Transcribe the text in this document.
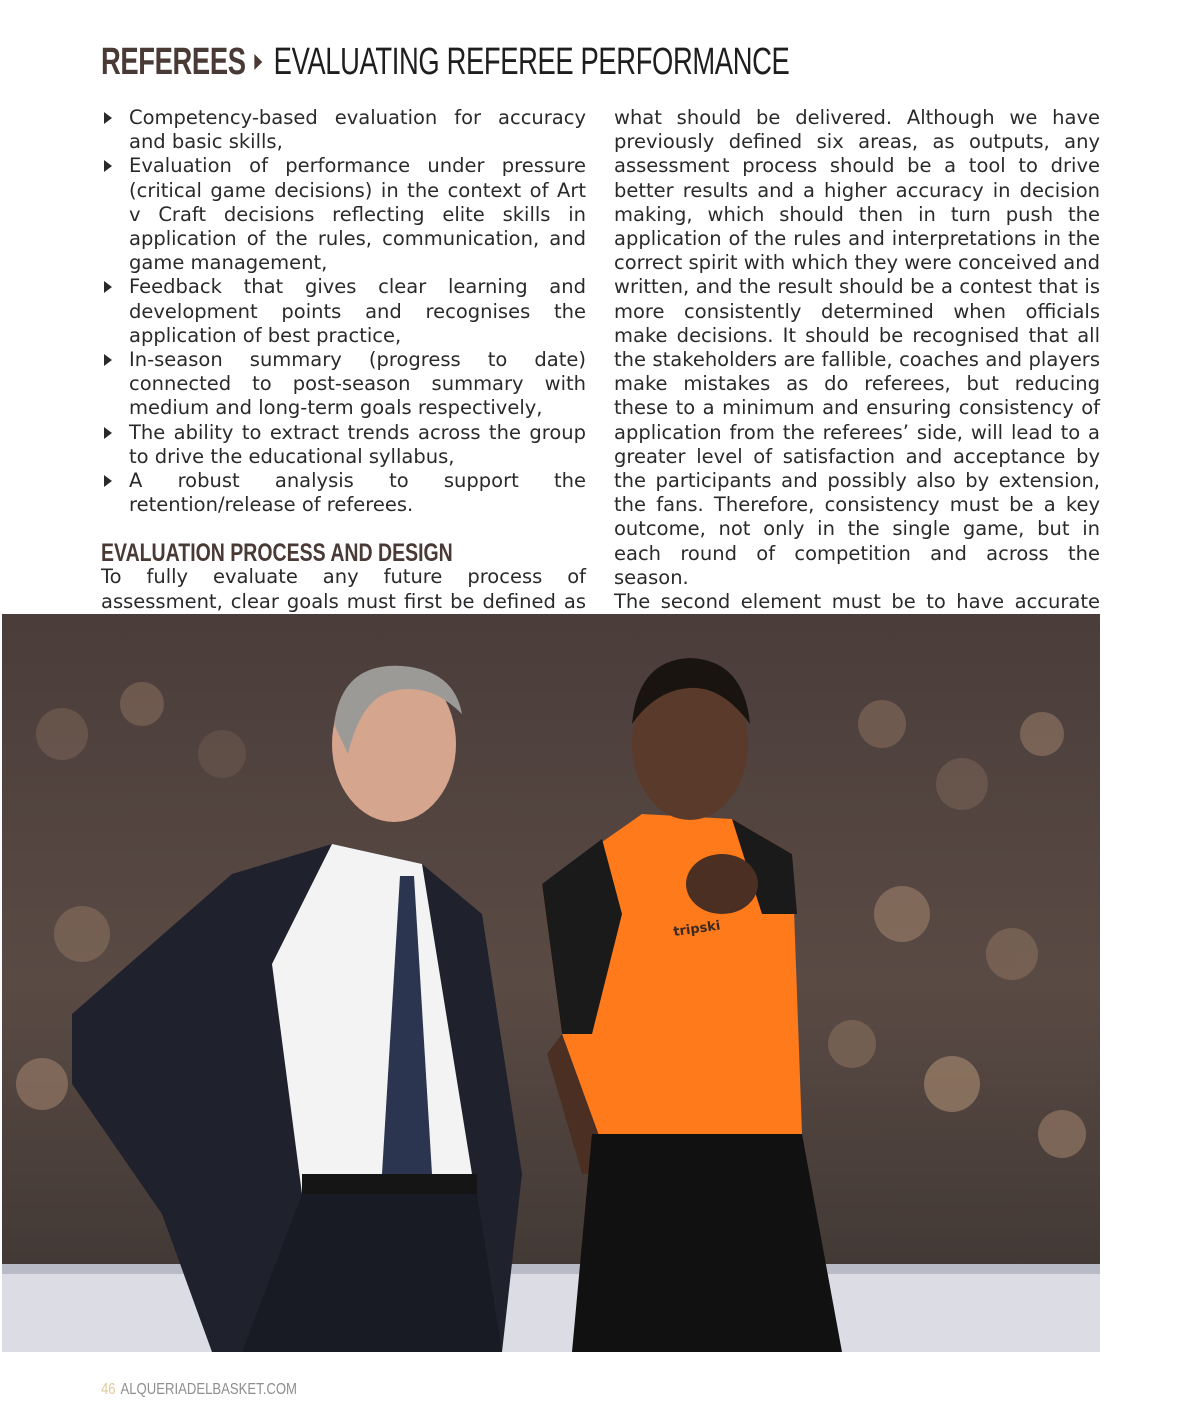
REFEREES EVALUATING REFEREE PERFORMANCE
Competency-based evaluation for accuracy and basic skills,
Evaluation of performance under pressure (critical game decisions) in the context of Art v Craft decisions reflecting elite skills in application of the rules, communication, and game management,
Feedback that gives clear learning and development points and recognises the application of best practice,
In-season summary (progress to date) connected to post-season summary with medium and long-term goals respectively,
The ability to extract trends across the group to drive the educational syllabus,
A robust analysis to support the retention/release of referees.
EVALUATION PROCESS AND DESIGN

To fully evaluate any future process of assessment, clear goals must first be defined as

what should be delivered. Although we have previously defined six areas, as outputs, any assessment process should be a tool to drive better results and a higher accuracy in decision making, which should then in turn push the application of the rules and interpretations in the correct spirit with which they were conceived and written, and the result should be a contest that is more consistently determined when officials make decisions. It should be recognised that all the stakeholders are fallible, coaches and players make mistakes as do referees, but reducing these to a minimum and ensuring consistency of application from the referees’ side, will lead to a greater level of satisfaction and acceptance by the participants and possibly also by extension, the fans. Therefore, consistency must be a key outcome, not only in the single game, but in each round of competition and across the season.

The second element must be to have accurate

tripski
46 ALQUERIADELBASKET.COM
